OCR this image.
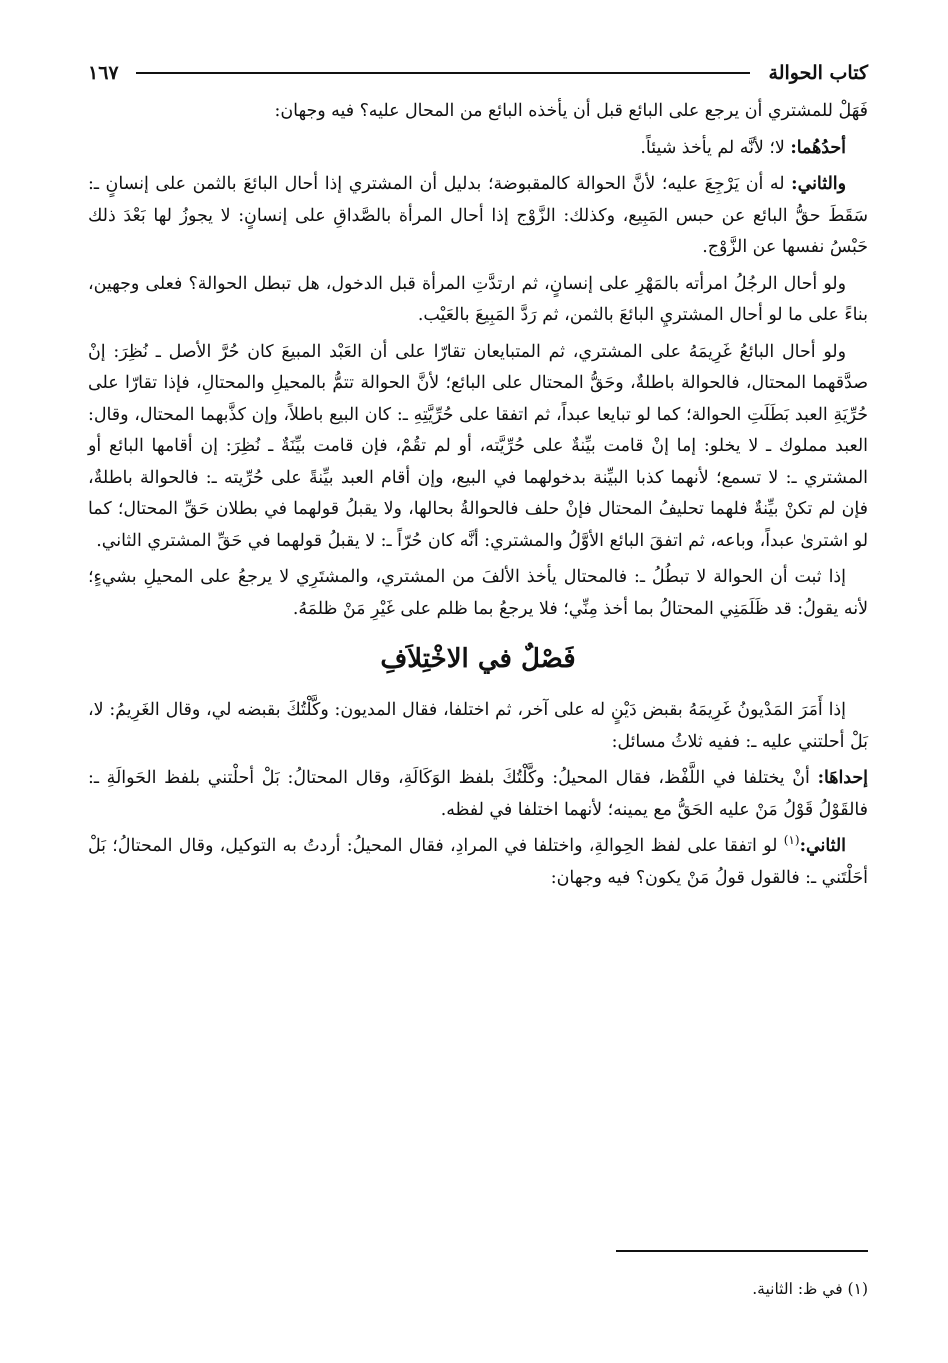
كتاب الحوالة
١٦٧

فَهَلْ للمشتري أن يرجع على البائع قبل أن يأخذه البائع من المحال عليه؟ فيه وجهان:

أحدُهُما: لا؛ لأنَّه لم يأخذ شيئاً.

والثاني: له أن يَرْجِعَ عليه؛ لأنَّ الحوالة كالمقبوضة؛ بدليل أن المشتري إذا أحال البائعَ بالثمن على إنسانٍ ـ: سَقَطَ حقُّ البائع عن حبس المَبِيع، وكذلك: الزَّوْج إذا أحال المرأة بالصَّداقِ على إنسانٍ: لا يجوزُ لها بَعْدَ ذلك حَبْسُ نفسها عن الزَّوْج.

ولو أحال الرجُلُ امرأته بالمَهْرِ على إنسانٍ، ثم ارتدَّتِ المرأة قبل الدخول، هل تبطل الحوالة؟ فعلى وجهين، بناءً على ما لو أحال المشتريِ البائعَ بالثمن، ثم رَدَّ المَبِيعَ بالعَيْب.

ولو أحال البائعُ غَرِيمَهُ على المشتري، ثم المتبايعان تقارّا على أن العَبْد المبيعَ كان حُرَّ الأصل ـ نُظِرَ: إنْ صدَّقهما المحتال، فالحوالة باطلةٌ، وحَقُّ المحتال على البائع؛ لأنَّ الحوالة تتمُّ بالمحيلِ والمحتالِ، فإذا تقارّا على حُرِّيَةِ العبد بَطَلَتِ الحوالة؛ كما لو تبايعا عبداً، ثم اتفقا على حُرِّيَّتِهِ ـ: كان البيع باطلاً، وإن كذَّبهما المحتال، وقال: العبد مملوك ـ لا يخلو: إما إنْ قامت بيِّنةٌ على حُرِّيَّته، أو لم تقُمْ، فإن قامت بيِّنَةٌ ـ نُظِرَ: إن أقامها البائع أو المشتري ـ: لا تسمع؛ لأنهما كذبا البيِّنة بدخولهما في البيع، وإن أقام العبد بيِّنةً على حُرِّيته ـ: فالحوالة باطلةٌ، فإن لم تكنْ بيِّنةٌ فلهما تحليفُ المحتال فإنْ حلف فالحوالةُ بحالها، ولا يقبلُ قولهما في بطلان حَقِّ المحتال؛ كما لو اشترىٰ عبداً، وباعه، ثم اتفقَ البائع الأوَّلُ والمشتري: أنَّه كان حُرّاً ـ: لا يقبلُ قولهما في حَقِّ المشتري الثاني.

إذا ثبت أن الحوالة لا تبطُلُ ـ: فالمحتال يأخذ الألفَ من المشتري، والمشتَرِي لا يرجعُ على المحيلِ بشيءٍ؛ لأنه يقولُ: قد ظَلَمَنِي المحتالُ بما أخذ مِنِّي؛ فلا يرجعُ بما ظلم على غَيْرِ مَنْ ظلمَهُ.

فَصْلٌ في الاخْتِلاَفِ

إذا أَمَرَ المَدْيونُ غَرِيمَهُ بقبض دَيْنٍ له على آخر، ثم اختلفا، فقال المديون: وكَّلْتُكَ بقبضه لي، وقال الغَرِيمُ: لا، بَلْ أحلتني عليه ـ: ففيه ثلاثُ مسائل:

إحداهَا: أنْ يختلفا في اللَّفْظ، فقال المحيلُ: وكَّلْتُكَ بلفظ الوَكَالَةِ، وقال المحتالُ: بَلْ أحلْتني بلفظ الحَوالَةِ ـ: فالقَوْلُ قَوْلُ مَنْ عليه الحَقُّ مع يمينه؛ لأنهما اختلفا في لفظه.

الثاني:$^{(١)}$ لو اتفقا على لفظ الحِوالةِ، واختلفا في المرادِ، فقال المحيلُ: أردتُ به التوكيل، وقال المحتالُ؛ بَلْ أحَلْتَني ـ: فالقول قولُ مَنْ يكون؟ فيه وجهان:

(١) في ظ: الثانية.
